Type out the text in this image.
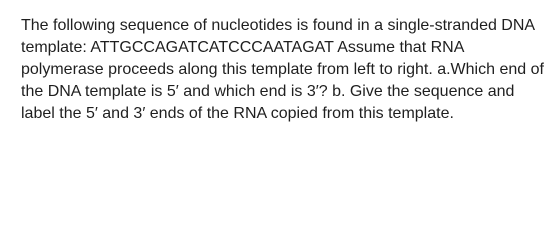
The following sequence of nucleotides is found in a single-stranded DNA template: ATTGCCAGATCATCCCAATAGAT Assume that RNA polymerase proceeds along this template from left to right. a.Which end of the DNA template is 5′ and which end is 3′? b. Give the sequence and label the 5′ and 3′ ends of the RNA copied from this template.
